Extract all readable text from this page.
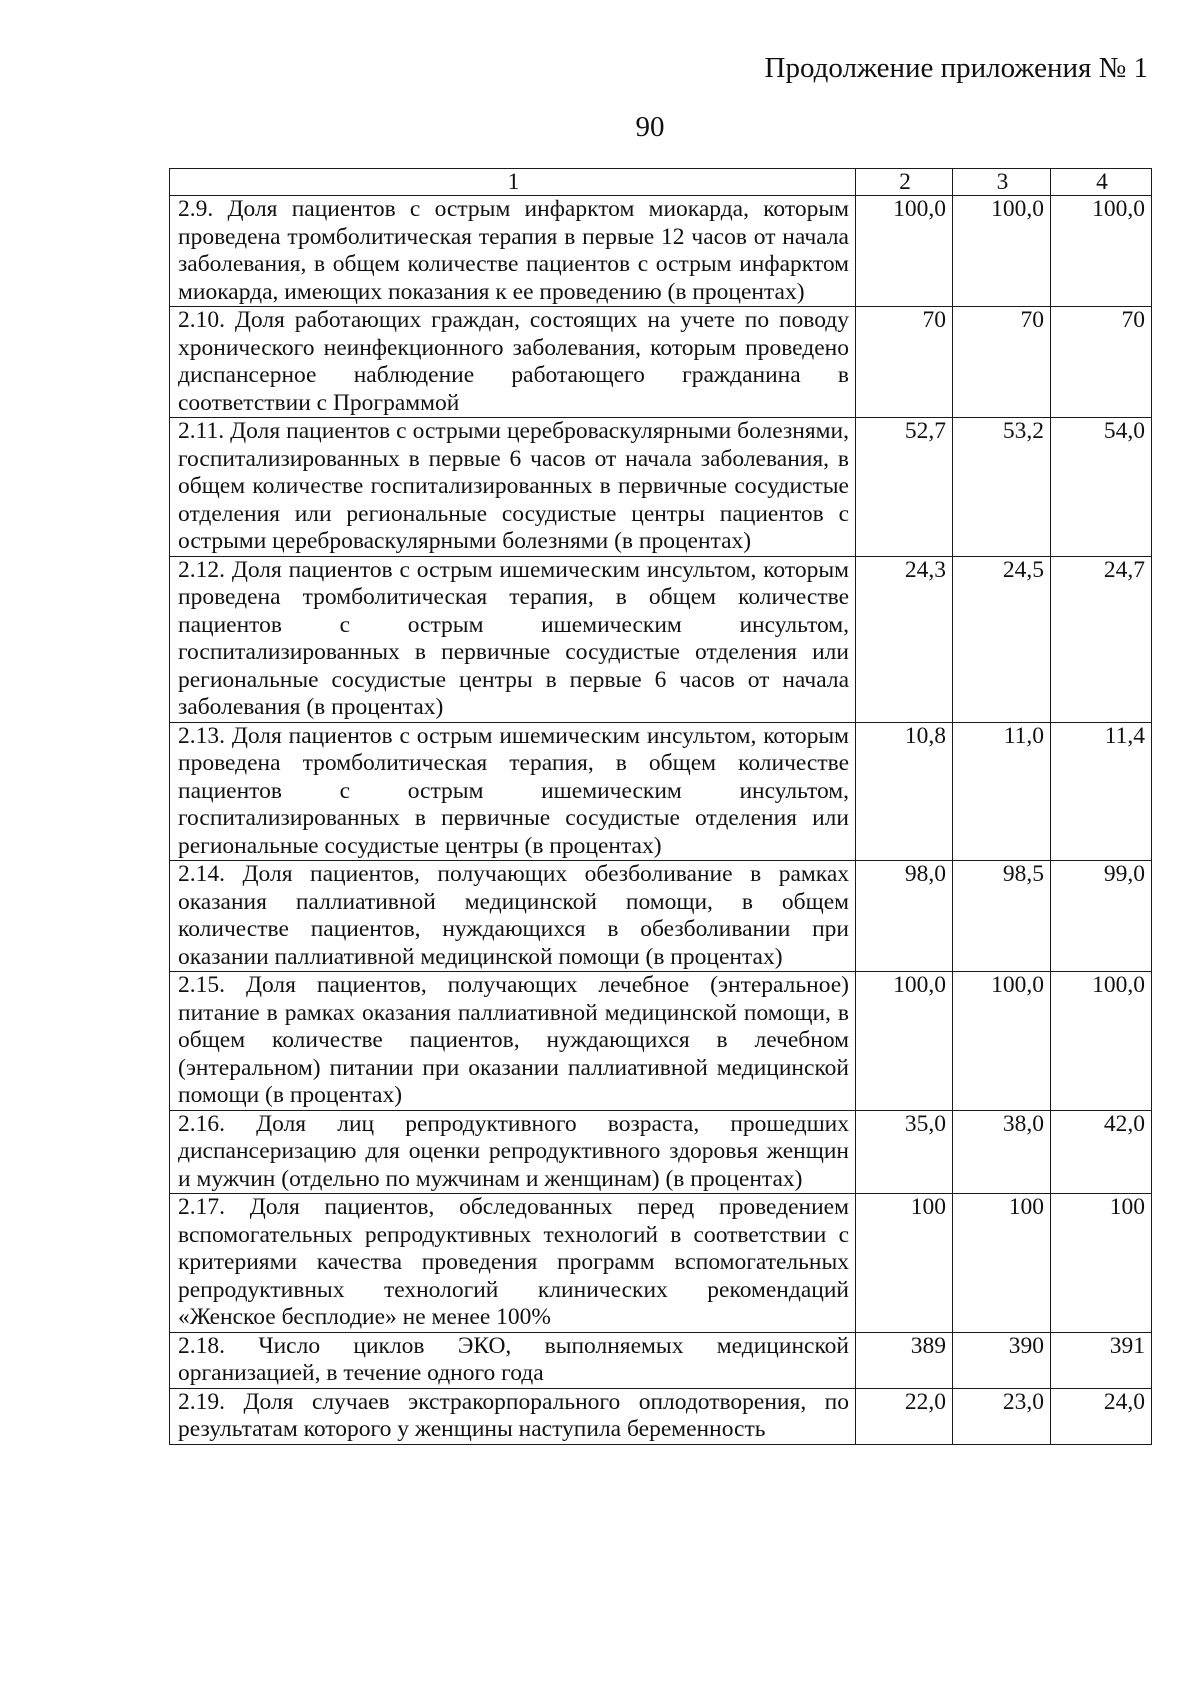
Продолжение приложения № 1
90
1	2	3	4
2.9. Доля пациентов с острым инфарктом миокарда, которым проведена тромболитическая терапия в первые 12 часов от начала заболевания, в общем количестве пациентов с острым инфарктом миокарда, имеющих показания к ее проведению (в процентах)	100,0	100,0	100,0
2.10. Доля работающих граждан, состоящих на учете по поводу хронического неинфекционного заболевания, которым проведено диспансерное наблюдение работающего гражданина в соответствии с Программой	70	70	70
2.11. Доля пациентов с острыми цереброваскулярными болезнями, госпитализированных в первые 6 часов от начала заболевания, в общем количестве госпитализированных в первичные сосудистые отделения или региональные сосудистые центры пациентов с острыми цереброваскулярными болезнями (в процентах)	52,7	53,2	54,0
2.12. Доля пациентов с острым ишемическим инсультом, которым проведена тромболитическая терапия, в общем количестве пациентов с острым ишемическим инсультом, госпитализированных в первичные сосудистые отделения или региональные сосудистые центры в первые 6 часов от начала заболевания (в процентах)	24,3	24,5	24,7
2.13. Доля пациентов с острым ишемическим инсультом, которым проведена тромболитическая терапия, в общем количестве пациентов с острым ишемическим инсультом, госпитализированных в первичные сосудистые отделения или региональные сосудистые центры (в процентах)	10,8	11,0	11,4
2.14. Доля пациентов, получающих обезболивание в рамках оказания паллиативной медицинской помощи, в общем количестве пациентов, нуждающихся в обезболивании при оказании паллиативной медицинской помощи (в процентах)	98,0	98,5	99,0
2.15. Доля пациентов, получающих лечебное (энтеральное) питание в рамках оказания паллиативной медицинской помощи, в общем количестве пациентов, нуждающихся в лечебном (энтеральном) питании при оказании паллиативной медицинской помощи (в процентах)	100,0	100,0	100,0
2.16. Доля лиц репродуктивного возраста, прошедших диспансеризацию для оценки репродуктивного здоровья женщин и мужчин (отдельно по мужчинам и женщинам) (в процентах)	35,0	38,0	42,0
2.17. Доля пациентов, обследованных перед проведением вспомогательных репродуктивных технологий в соответствии с критериями качества проведения программ вспомогательных репродуктивных технологий клинических рекомендаций «Женское бесплодие» не менее 100%	100	100	100
2.18. Число циклов ЭКО, выполняемых медицинской организацией, в течение одного года	389	390	391
2.19. Доля случаев экстракорпорального оплодотворения, по результатам которого у женщины наступила беременность	22,0	23,0	24,0
